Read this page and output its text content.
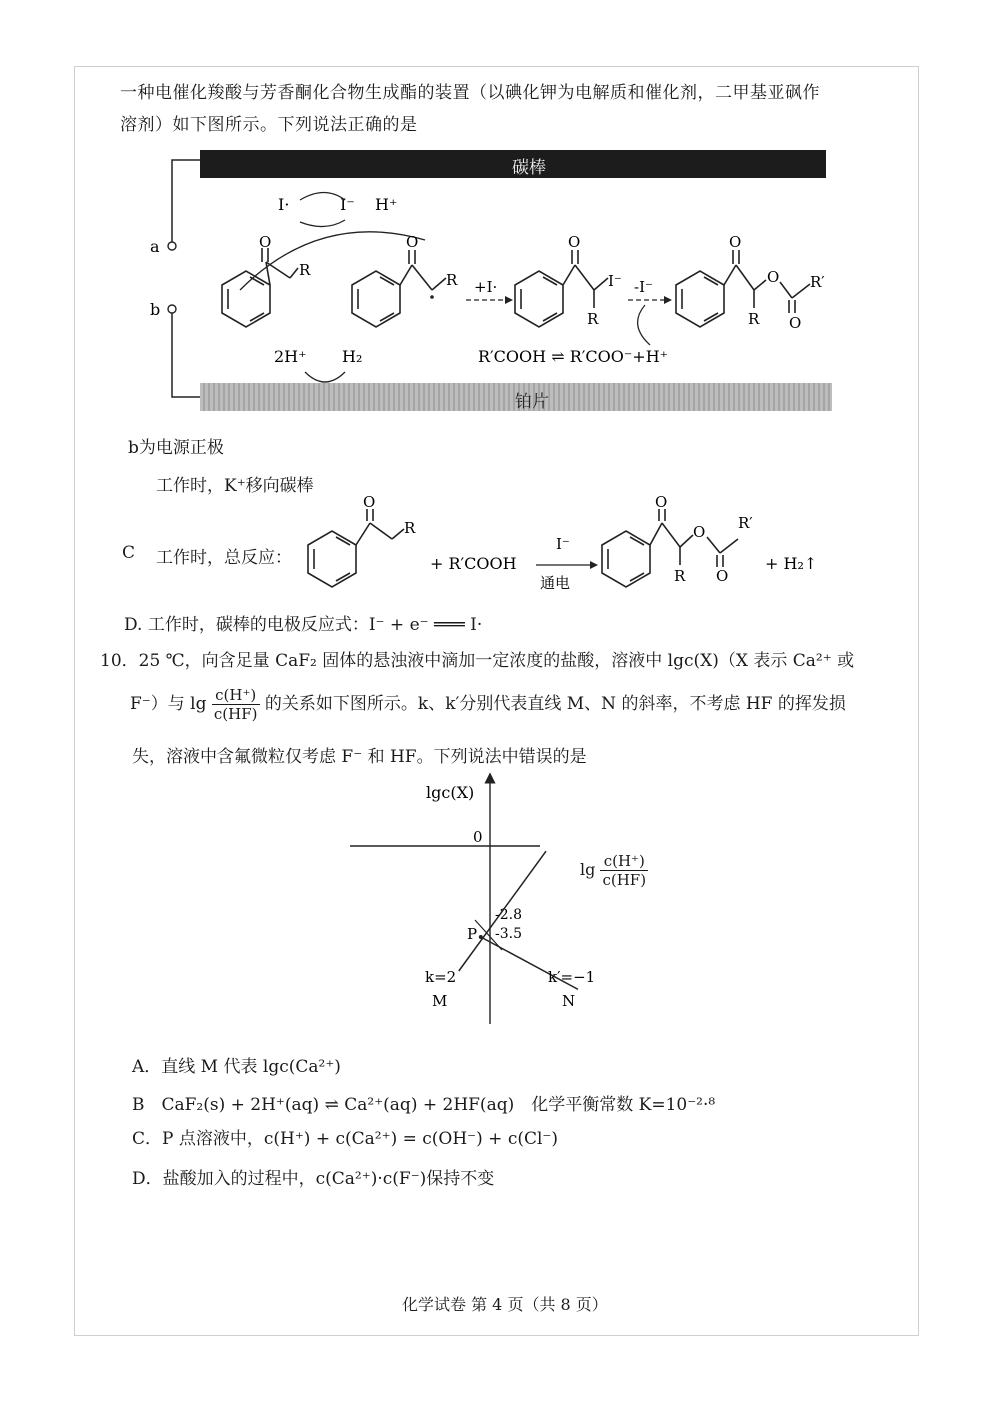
一种电催化羧酸与芳香酮化合物生成酯的装置（以碘化钾为电解质和催化剂，二甲基亚砜作
溶剂）如下图所示。下列说法正确的是
碳棒
铂片
a
b
I·	I⁻ H⁺
O
R
O
R +I·
O
I⁻
R
-I⁻
O
O R′
R O
2H⁺ H₂	R′COOH ⇌ R′COO⁻+H⁺
b为电源正极
工作时，K⁺移向碳棒
C 工作时，总反应：
O
R
+ R′COOH
I⁻
通电
O
O R′
R O
+ H₂↑
D. 工作时，碳棒的电极反应式：I⁻ + e⁻ ═══ I·
10．25 ℃，向含足量 CaF₂ 固体的悬浊液中滴加一定浓度的盐酸，溶液中 lgc(X)（X 表示 Ca²⁺ 或
F⁻）与 $\lg \frac{c(H^+)}{c(HF)}$ 的关系如下图所示。k、k′分别代表直线 M、N 的斜率，不考虑 HF 的挥发损
失，溶液中含氟微粒仅考虑 F⁻ 和 HF。下列说法中错误的是
lgc(X)
0
-2.8
-3.5
P
k=2
M
k′=−1
N
$\lg \frac{c(H^+)}{c(HF)}$
A．直线 M 代表 lgc(Ca²⁺)
B　CaF₂(s) + 2H⁺(aq) ⇌ Ca²⁺(aq) + 2HF(aq)　化学平衡常数 K=10⁻²·⁸
C．P 点溶液中，c(H⁺) + c(Ca²⁺) = c(OH⁻) + c(Cl⁻)
D．盐酸加入的过程中，c(Ca²⁺)·c(F⁻)保持不变
化学试卷 第 4 页（共 8 页）
